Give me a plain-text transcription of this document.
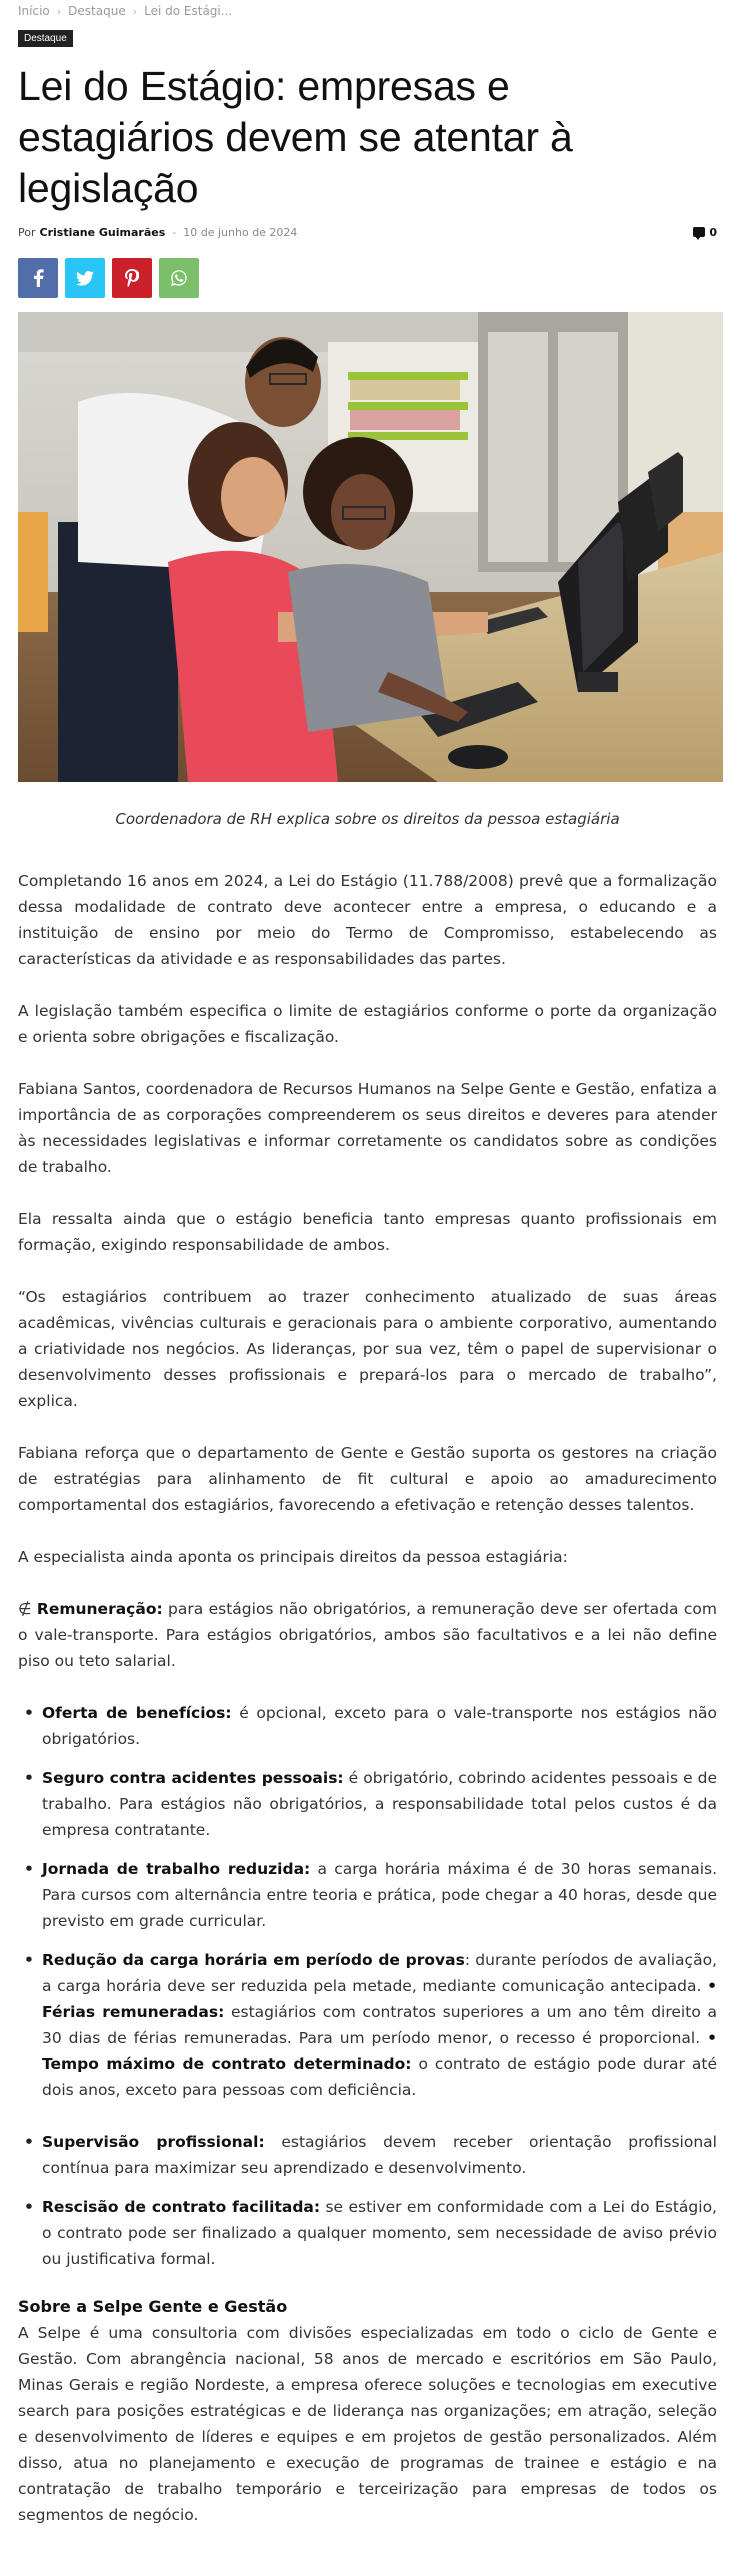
Início › Destaque › Lei do Estági...
Destaque
Lei do Estágio: empresas e estagiários devem se atentar à legislação
Por Cristiane Guimarães - 10 de junho de 2024	0

Coordenadora de RH explica sobre os direitos da pessoa estagiária

Completando 16 anos em 2024, a Lei do Estágio (11.788/2008) prevê que a formalização dessa modalidade de contrato deve acontecer entre a empresa, o educando e a instituição de ensino por meio do Termo de Compromisso, estabelecendo as características da atividade e as responsabilidades das partes.

A legislação também especifica o limite de estagiários conforme o porte da organização e orienta sobre obrigações e fiscalização.

Fabiana Santos, coordenadora de Recursos Humanos na Selpe Gente e Gestão, enfatiza a importância de as corporações compreenderem os seus direitos e deveres para atender às necessidades legislativas e informar corretamente os candidatos sobre as condições de trabalho.

Ela ressalta ainda que o estágio beneficia tanto empresas quanto profissionais em formação, exigindo responsabilidade de ambos.

“Os estagiários contribuem ao trazer conhecimento atualizado de suas áreas acadêmicas, vivências culturais e geracionais para o ambiente corporativo, aumentando a criatividade nos negócios. As lideranças, por sua vez, têm o papel de supervisionar o desenvolvimento desses profissionais e prepará-los para o mercado de trabalho”, explica.

Fabiana reforça que o departamento de Gente e Gestão suporta os gestores na criação de estratégias para alinhamento de fit cultural e apoio ao amadurecimento comportamental dos estagiários, favorecendo a efetivação e retenção desses talentos.

A especialista ainda aponta os principais direitos da pessoa estagiária:

∉ Remuneração: para estágios não obrigatórios, a remuneração deve ser ofertada com o vale-transporte. Para estágios obrigatórios, ambos são facultativos e a lei não define piso ou teto salarial.

• Oferta de benefícios: é opcional, exceto para o vale-transporte nos estágios não obrigatórios.
• Seguro contra acidentes pessoais: é obrigatório, cobrindo acidentes pessoais e de trabalho. Para estágios não obrigatórios, a responsabilidade total pelos custos é da empresa contratante.
• Jornada de trabalho reduzida: a carga horária máxima é de 30 horas semanais. Para cursos com alternância entre teoria e prática, pode chegar a 40 horas, desde que previsto em grade curricular.
• Redução da carga horária em período de provas: durante períodos de avaliação, a carga horária deve ser reduzida pela metade, mediante comunicação antecipada. • Férias remuneradas: estagiários com contratos superiores a um ano têm direito a 30 dias de férias remuneradas. Para um período menor, o recesso é proporcional. • Tempo máximo de contrato determinado: o contrato de estágio pode durar até dois anos, exceto para pessoas com deficiência.
• Supervisão profissional: estagiários devem receber orientação profissional contínua para maximizar seu aprendizado e desenvolvimento.
• Rescisão de contrato facilitada: se estiver em conformidade com a Lei do Estágio, o contrato pode ser finalizado a qualquer momento, sem necessidade de aviso prévio ou justificativa formal.
Sobre a Selpe Gente e Gestão

A Selpe é uma consultoria com divisões especializadas em todo o ciclo de Gente e Gestão. Com abrangência nacional, 58 anos de mercado e escritórios em São Paulo, Minas Gerais e região Nordeste, a empresa oferece soluções e tecnologias em executive search para posições estratégicas e de liderança nas organizações; em atração, seleção e desenvolvimento de líderes e equipes e em projetos de gestão personalizados. Além disso, atua no planejamento e execução de programas de trainee e estágio e na contratação de trabalho temporário e terceirização para empresas de todos os segmentos de negócio.
